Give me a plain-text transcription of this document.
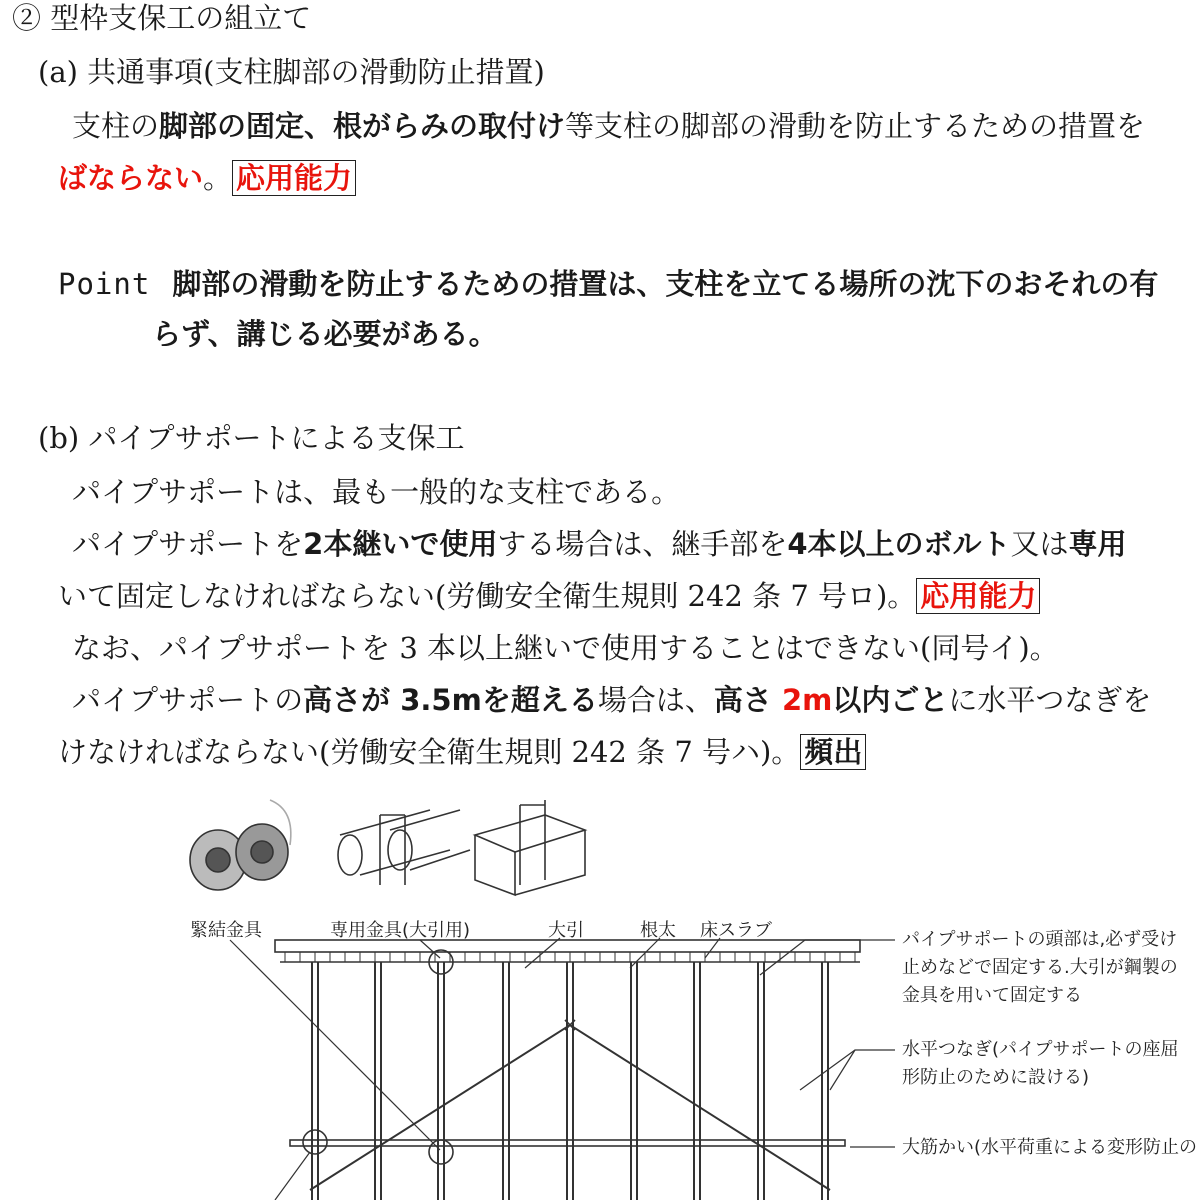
② 型枠支保工の組立て
(a) 共通事項(支柱脚部の滑動防止措置)
支柱の脚部の固定、根がらみの取付け等支柱の脚部の滑動を防止するための措置を
ばならない。 応用能力
Point 脚部の滑動を防止するための措置は、支柱を立てる場所の沈下のおそれの有
らず、講じる必要がある。
(b) パイプサポートによる支保工
パイプサポートは、最も一般的な支柱である。
パイプサポートを2本継いで使用する場合は、継手部を4本以上のボルト又は専用
いて固定しなければならない(労働安全衛生規則 242 条 7 号ロ)。 応用能力
なお、パイプサポートを 3 本以上継いで使用することはできない(同号イ)。
パイプサポートの高さが 3.5mを超える場合は、高さ 2m以内ごとに水平つなぎを
けなければならない(労働安全衛生規則 242 条 7 号ハ)。 頻出
緊結金具	専用金具(大引用)	大引	根太 床スラブ	パイプサポートの頭部は,必ず受け
止めなどで固定する.大引が鋼製の
金具を用いて固定する
水平つなぎ(パイプサポートの座屈
形防止のために設ける)
大筋かい(水平荷重による変形防止の
